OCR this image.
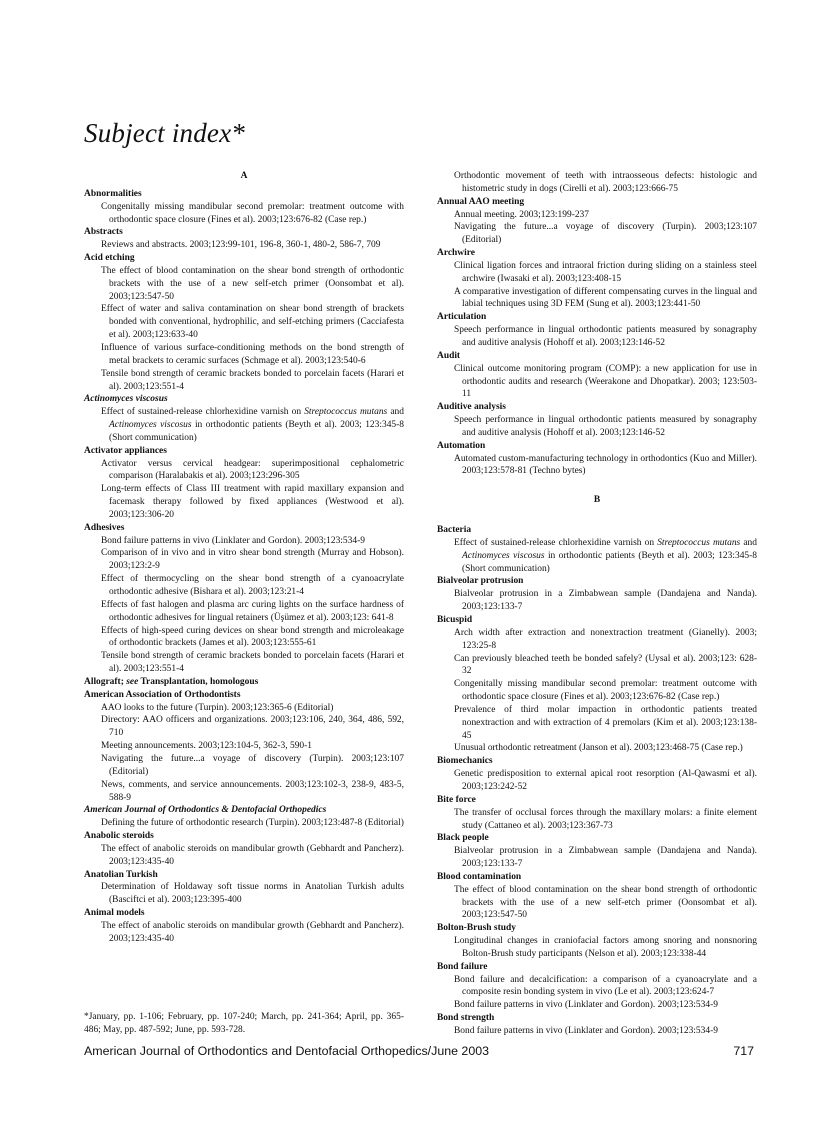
Subject index*
A
Abnormalities
Congenitally missing mandibular second premolar: treatment outcome with orthodontic space closure (Fines et al). 2003;123:676-82 (Case rep.)
Abstracts
Reviews and abstracts. 2003;123:99-101, 196-8, 360-1, 480-2, 586-7, 709
Acid etching
The effect of blood contamination on the shear bond strength of orthodontic brackets with the use of a new self-etch primer (Oonsombat et al). 2003;123:547-50
Effect of water and saliva contamination on shear bond strength of brackets bonded with conventional, hydrophilic, and self-etching primers (Cacciafesta et al). 2003;123:633-40
Influence of various surface-conditioning methods on the bond strength of metal brackets to ceramic surfaces (Schmage et al). 2003;123:540-6
Tensile bond strength of ceramic brackets bonded to porcelain facets (Harari et al). 2003;123:551-4
Actinomyces viscosus
Effect of sustained-release chlorhexidine varnish on Streptococcus mutans and Actinomyces viscosus in orthodontic patients (Beyth et al). 2003; 123:345-8 (Short communication)
Activator appliances
Activator versus cervical headgear: superimpositional cephalometric comparison (Haralabakis et al). 2003;123:296-305
Long-term effects of Class III treatment with rapid maxillary expansion and facemask therapy followed by fixed appliances (Westwood et al). 2003;123:306-20
Adhesives
Bond failure patterns in vivo (Linklater and Gordon). 2003;123:534-9
Comparison of in vivo and in vitro shear bond strength (Murray and Hobson). 2003;123:2-9
Effect of thermocycling on the shear bond strength of a cyanoacrylate orthodontic adhesive (Bishara et al). 2003;123:21-4
Effects of fast halogen and plasma arc curing lights on the surface hardness of orthodontic adhesives for lingual retainers (Üşümez et al). 2003;123: 641-8
Effects of high-speed curing devices on shear bond strength and microleakage of orthodontic brackets (James et al). 2003;123:555-61
Tensile bond strength of ceramic brackets bonded to porcelain facets (Harari et al). 2003;123:551-4
Allograft; see Transplantation, homologous
American Association of Orthodontists
AAO looks to the future (Turpin). 2003;123:365-6 (Editorial)
Directory: AAO officers and organizations. 2003;123:106, 240, 364, 486, 592, 710
Meeting announcements. 2003;123:104-5, 362-3, 590-1
Navigating the future...a voyage of discovery (Turpin). 2003;123:107 (Editorial)
News, comments, and service announcements. 2003;123:102-3, 238-9, 483-5, 588-9
American Journal of Orthodontics & Dentofacial Orthopedics
Defining the future of orthodontic research (Turpin). 2003;123:487-8 (Editorial)
Anabolic steroids
The effect of anabolic steroids on mandibular growth (Gebhardt and Pancherz). 2003;123:435-40
Anatolian Turkish
Determination of Holdaway soft tissue norms in Anatolian Turkish adults (Basciftci et al). 2003;123:395-400
Animal models
The effect of anabolic steroids on mandibular growth (Gebhardt and Pancherz). 2003;123:435-40
Orthodontic movement of teeth with intraosseous defects: histologic and histometric study in dogs (Cirelli et al). 2003;123:666-75
Annual AAO meeting
Annual meeting. 2003;123:199-237
Navigating the future...a voyage of discovery (Turpin). 2003;123:107 (Editorial)
Archwire
Clinical ligation forces and intraoral friction during sliding on a stainless steel archwire (Iwasaki et al). 2003;123:408-15
A comparative investigation of different compensating curves in the lingual and labial techniques using 3D FEM (Sung et al). 2003;123:441-50
Articulation
Speech performance in lingual orthodontic patients measured by sonagraphy and auditive analysis (Hohoff et al). 2003;123:146-52
Audit
Clinical outcome monitoring program (COMP): a new application for use in orthodontic audits and research (Weerakone and Dhopatkar). 2003; 123:503-11
Auditive analysis
Speech performance in lingual orthodontic patients measured by sonagraphy and auditive analysis (Hohoff et al). 2003;123:146-52
Automation
Automated custom-manufacturing technology in orthodontics (Kuo and Miller). 2003;123:578-81 (Techno bytes)
B
Bacteria
Effect of sustained-release chlorhexidine varnish on Streptococcus mutans and Actinomyces viscosus in orthodontic patients (Beyth et al). 2003; 123:345-8 (Short communication)
Bialveolar protrusion
Bialveolar protrusion in a Zimbabwean sample (Dandajena and Nanda). 2003;123:133-7
Bicuspid
Arch width after extraction and nonextraction treatment (Gianelly). 2003; 123:25-8
Can previously bleached teeth be bonded safely? (Uysal et al). 2003;123: 628-32
Congenitally missing mandibular second premolar: treatment outcome with orthodontic space closure (Fines et al). 2003;123:676-82 (Case rep.)
Prevalence of third molar impaction in orthodontic patients treated nonextraction and with extraction of 4 premolars (Kim et al). 2003;123:138-45
Unusual orthodontic retreatment (Janson et al). 2003;123:468-75 (Case rep.)
Biomechanics
Genetic predisposition to external apical root resorption (Al-Qawasmi et al). 2003;123:242-52
Bite force
The transfer of occlusal forces through the maxillary molars: a finite element study (Cattaneo et al). 2003;123:367-73
Black people
Bialveolar protrusion in a Zimbabwean sample (Dandajena and Nanda). 2003;123:133-7
Blood contamination
The effect of blood contamination on the shear bond strength of orthodontic brackets with the use of a new self-etch primer (Oonsombat et al). 2003;123:547-50
Bolton-Brush study
Longitudinal changes in craniofacial factors among snoring and nonsnoring Bolton-Brush study participants (Nelson et al). 2003;123:338-44
Bond failure
Bond failure and decalcification: a comparison of a cyanoacrylate and a composite resin bonding system in vivo (Le et al). 2003;123:624-7
Bond failure patterns in vivo (Linklater and Gordon). 2003;123:534-9
Bond strength
Bond failure patterns in vivo (Linklater and Gordon). 2003;123:534-9
*January, pp. 1-106; February, pp. 107-240; March, pp. 241-364; April, pp. 365-486; May, pp. 487-592; June, pp. 593-728.
American Journal of Orthodontics and Dentofacial Orthopedics/June 2003	717
